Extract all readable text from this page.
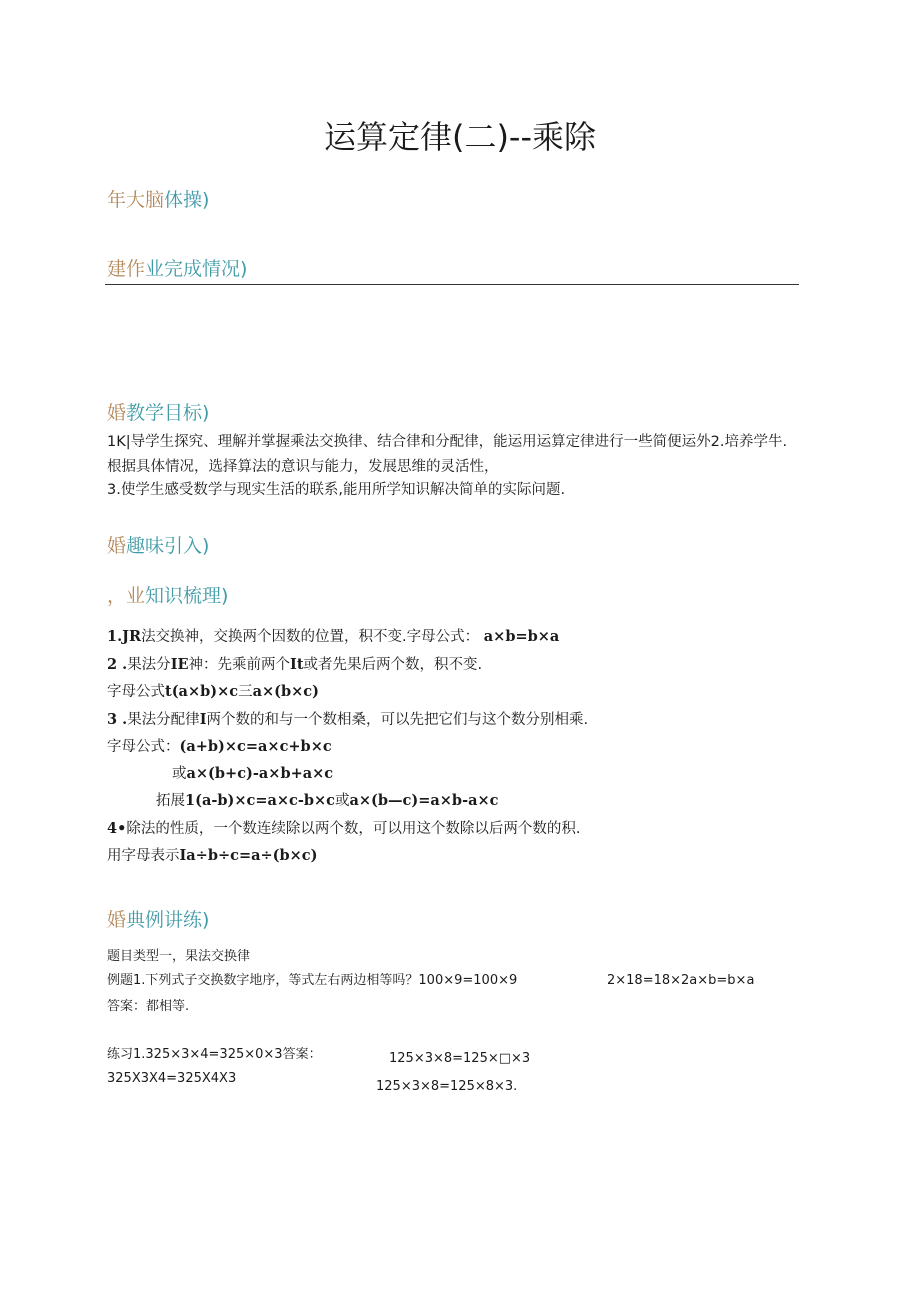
运算定律(二)--乘除
年大脑体操)
建作业完成情况)
婚教学目标)
1K|导学生探究、理解并掌握乘法交换律、结合律和分配律，能运用运算定律进行一些简便运外2.培养学牛.根据具体情况，选择算法的意识与能力，发展思维的灵活性，
3.使学生感受数学与现实生活的联系,能用所学知识解决简单的实际问题.
婚趣味引入)
，业知识梳理)
1.JR法交换神，交换两个因数的位置，积不变.字母公式： a×b=b×a
2 .果法分IE神：先乘前两个It或者先果后两个数，积不变.
字母公式t(a×b)×c三a×(b×c)
3 .果法分配律I两个数的和与一个数相桑，可以先把它们与这个数分别相乘.
字母公式：(a+b)×c=a×c+b×c
或a×(b+c)-a×b+a×c
拓展1(a-b)×c=a×c-b×c或a×(b—c)=a×b-a×c
4•除法的性质，一个数连续除以两个数，可以用这个数除以后两个数的积.
用字母表示Ia÷b÷c=a÷(b×c)
婚典例讲练)
题目类型一，果法交换律
例题1.下列式子交换数字地序，等式左右两边相等吗？100×9=100×9	2×18=18×2a×b=b×a
答案：都相等.
练习1.325×3×4=325×0×3答案：	125×3×8=125×□×3
325X3X4=325X4X3
125×3×8=125×8×3.
